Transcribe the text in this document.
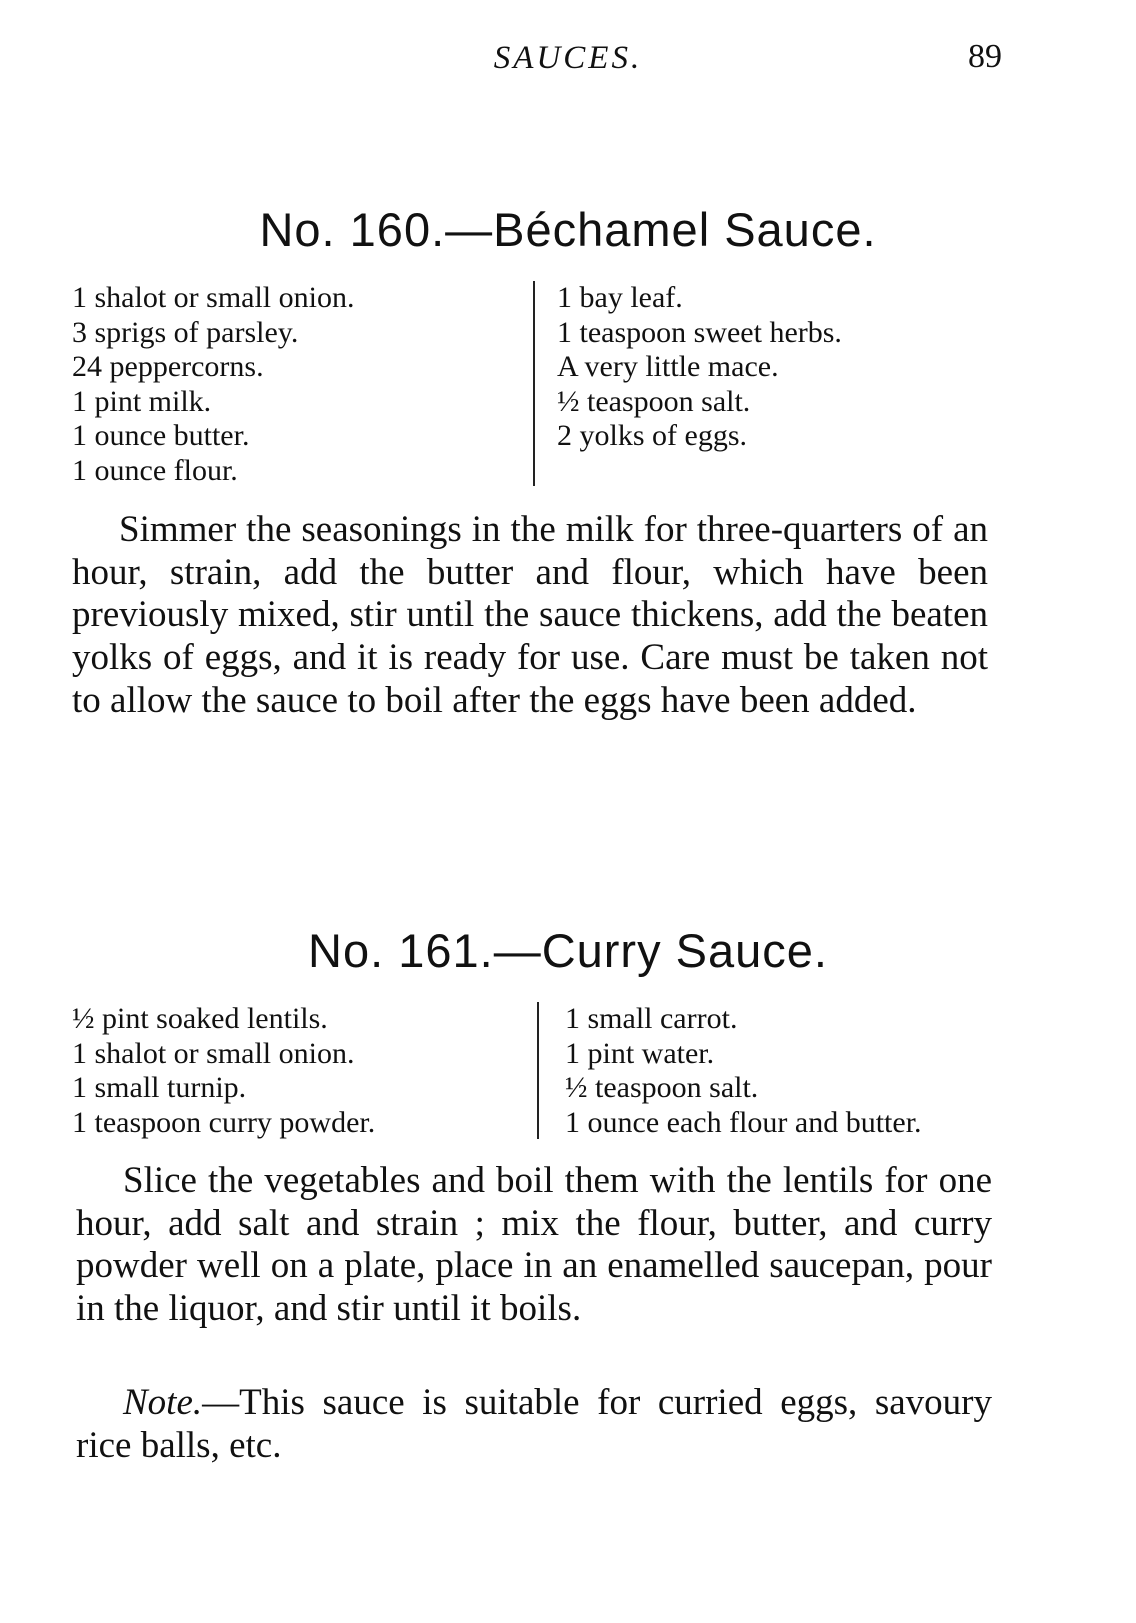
SAUCES.	89
No. 160.—Béchamel Sauce.
1 shalot or small onion.
3 sprigs of parsley.
24 peppercorns.
1 pint milk.
1 ounce butter.
1 ounce flour.
1 bay leaf.
1 teaspoon sweet herbs.
A very little mace.
½ teaspoon salt.
2 yolks of eggs.

Simmer the seasonings in the milk for three-quarters of an hour, strain, add the butter and flour, which have been previously mixed, stir until the sauce thickens, add the beaten yolks of eggs, and it is ready for use. Care must be taken not to allow the sauce to boil after the eggs have been added.

No. 161.—Curry Sauce.
½ pint soaked lentils.
1 shalot or small onion.
1 small turnip.
1 teaspoon curry powder.
1 small carrot.
1 pint water.
½ teaspoon salt.
1 ounce each flour and butter.

Slice the vegetables and boil them with the lentils for one hour, add salt and strain ; mix the flour, butter, and curry powder well on a plate, place in an enamelled saucepan, pour in the liquor, and stir until it boils.

Note.—This sauce is suitable for curried eggs, savoury rice balls, etc.
